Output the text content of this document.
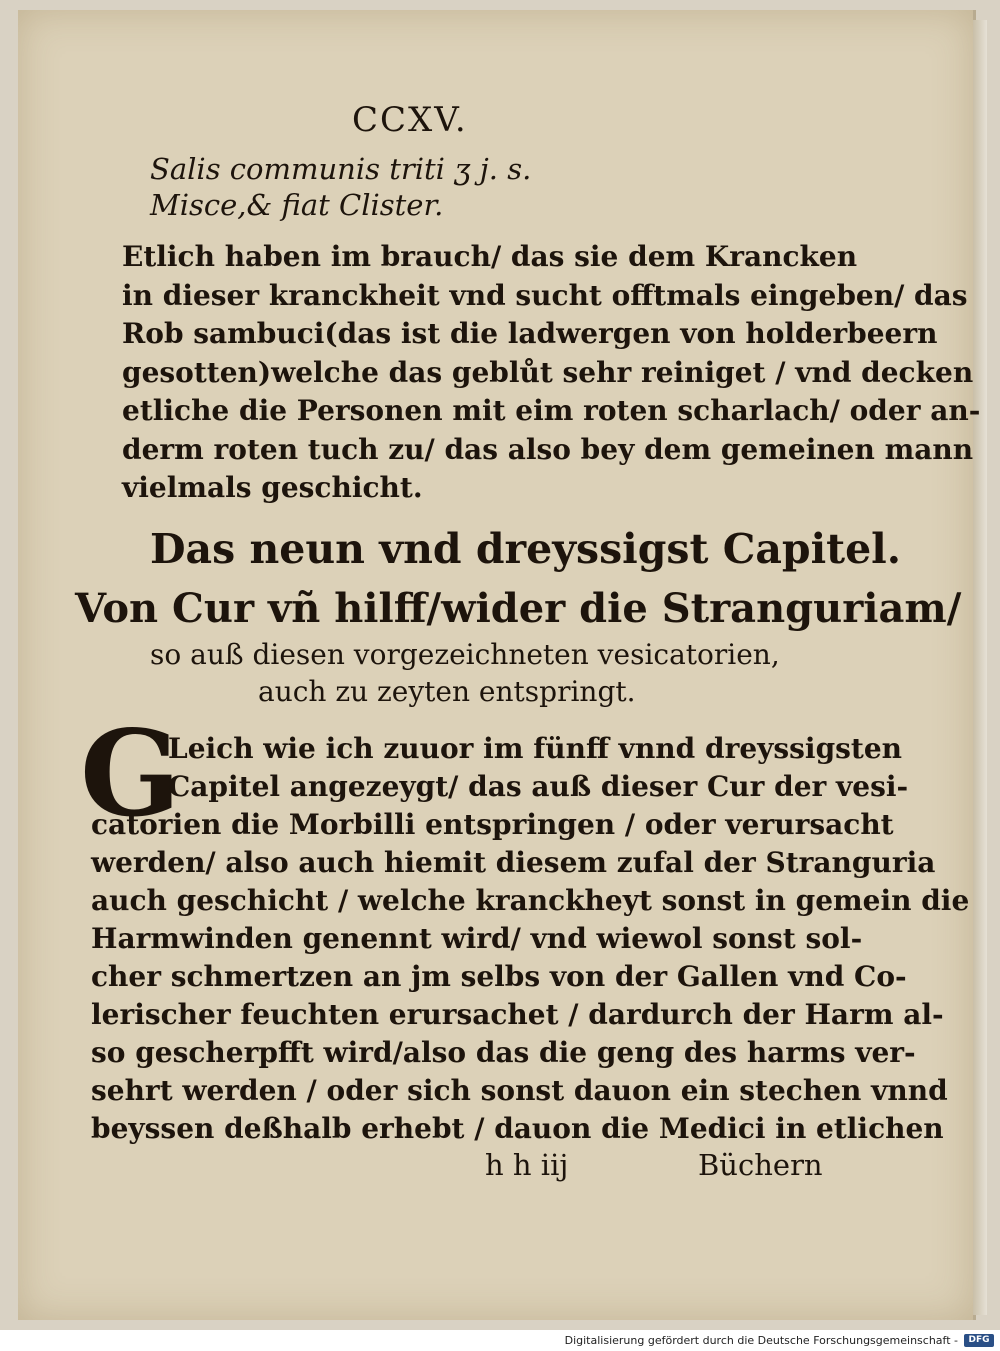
CCXV.
Salis communis triti ʒ j. s.
Misce,& fiat Clister.
Etlich haben im brauch/ das sie dem Krancken
in dieser kranckheit vnd sucht offtmals eingeben/ das
Rob sambuci(das ist die ladwergen von holderbeern
gesotten)welche das geblůt sehr reiniget / vnd decken
etliche die Personen mit eim roten scharlach/ oder an-
derm roten tuch zu/ das also bey dem gemeinen mann
vielmals geschicht.
Das neun vnd dreyssigst Capitel.
Von Cur vñ hilff/wider die Stranguriam/
so auß diesen vorgezeichneten vesicatorien,
auch zu zeyten entspringt.
G
Leich wie ich zuuor im fünff vnnd dreyssigsten
Capitel angezeygt/ das auß dieser Cur der vesi-
catorien die Morbilli entspringen / oder verursacht
werden/ also auch hiemit diesem zufal der Stranguria
auch geschicht / welche kranckheyt sonst in gemein die
Harmwinden genennt wird/ vnd wiewol sonst sol-
cher schmertzen an jm selbs von der Gallen vnd Co-
lerischer feuchten erursachet / dardurch der Harm al-
so gescherpfft wird/also das die geng des harms ver-
sehrt werden / oder sich sonst dauon ein stechen vnnd
beyssen deßhalb erhebt / dauon die Medici in etlichen
h h iij	Büchern
Digitalisierung gefördert durch die Deutsche Forschungsgemeinschaft -	DFG
